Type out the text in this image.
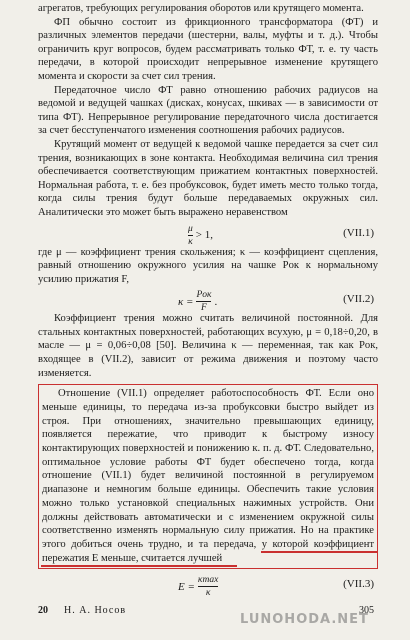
агрегатов, требующих регулирования оборотов или крутящего момента.

ФП обычно состоит из фрикционного трансформатора (ФТ) и различных элементов передачи (шестерни, валы, муфты и т. д.). Чтобы ограничить круг вопросов, будем рассматривать только ФТ, т. е. ту часть передачи, в которой происходит непрерывное изменение крутящего момента и скорости за счет сил трения.

Передаточное число ФТ равно отношению рабочих радиусов на ведомой и ведущей чашках (дисках, конусах, шкивах — в зависимости от типа ФТ). Непрерывное регулирование передаточного числа достигается за счет бесступенчатого изменения соотношения рабочих радиусов.

Крутящий момент от ведущей к ведомой чашке передается за счет сил трения, возникающих в зоне контакта. Необходимая величина сил трения обеспечивается соответствующим прижатием контактных поверхностей. Нормальная работа, т. е. без пробуксовок, будет иметь место только тогда, когда силы трения будут больше передаваемых окружных сил. Аналитически это может быть выражено неравенством

$\frac{\mu}{\kappa} > 1$,	(VII.1)

где μ — коэффициент трения скольжения; κ — коэффициент сцепления, равный отношению окружного усилия на чашке Pок к нормальному усилию прижатия F,

$\kappa = \frac{\text{Pок}}{F}$ .	(VII.2)

Коэффициент трения можно считать величиной постоянной. Для стальных контактных поверхностей, работающих всухую, μ = 0,18÷0,20, в масле — μ = 0,06÷0,08 [50]. Величина κ — переменная, так как Pок, входящее в (VII.2), зависит от режима движения и поэтому часто изменяется.

Отношение (VII.1) определяет работоспособность ФТ. Если оно меньше единицы, то передача из-за пробуксовки быстро выйдет из строя. При отношениях, значительно превышающих единицу, появляется пережатие, что приводит к быстрому износу контактирующих поверхностей и понижению к. п. д. ФТ. Следовательно, оптимальное условие работы ФТ будет обеспечено тогда, когда отношение (VII.1) будет величиной постоянной в регулируемом диапазоне и немногим больше единицы. Обеспечить такие условия можно только установкой специальных нажимных устройств. Они должны действовать автоматически и с изменением окружной силы соответственно изменять нормальную силу прижатия. Но на практике этого добиться очень трудно, и та передача, у которой коэффициент пережатия E меньше, считается лучшей

$E = \frac{\kappa\max}{\kappa}$	(VII.3)
20 Н. А. Носов	305
LUNOHODA.NET
